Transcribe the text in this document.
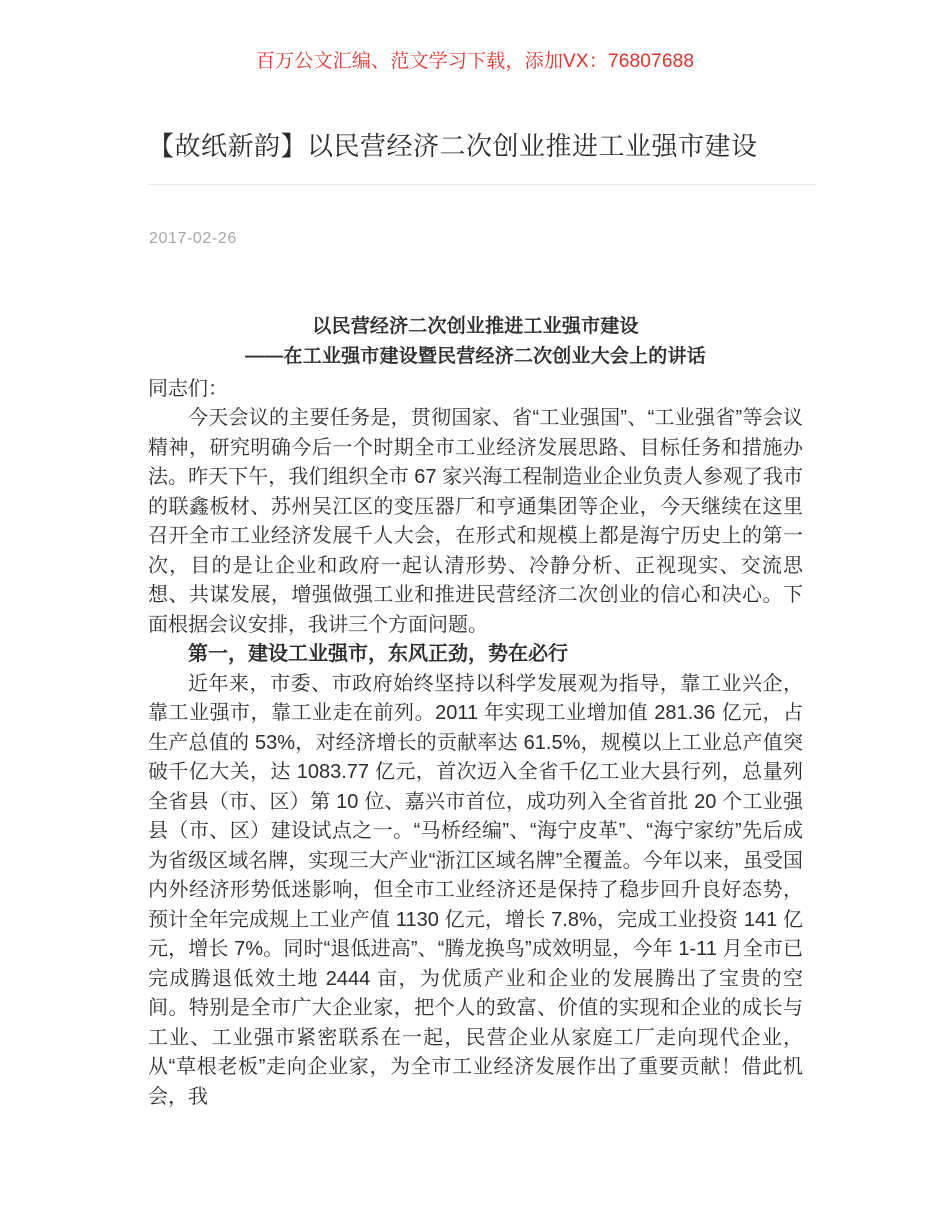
百万公文汇编、范文学习下载，添加VX：76807688
【故纸新韵】以民营经济二次创业推进工业强市建设
2017-02-26
以民营经济二次创业推进工业强市建设
——在工业强市建设暨民营经济二次创业大会上的讲话
同志们：

今天会议的主要任务是，贯彻国家、省“工业强国”、“工业强省”等会议精神，研究明确今后一个时期全市工业经济发展思路、目标任务和措施办法。昨天下午，我们组织全市 67 家兴海工程制造业企业负责人参观了我市的联鑫板材、苏州吴江区的变压器厂和亨通集团等企业，今天继续在这里召开全市工业经济发展千人大会，在形式和规模上都是海宁历史上的第一次，目的是让企业和政府一起认清形势、冷静分析、正视现实、交流思想、共谋发展，增强做强工业和推进民营经济二次创业的信心和决心。下面根据会议安排，我讲三个方面问题。

第一，建设工业强市，东风正劲，势在必行

近年来，市委、市政府始终坚持以科学发展观为指导，靠工业兴企，靠工业强市，靠工业走在前列。2011 年实现工业增加值 281.36 亿元，占生产总值的 53%，对经济增长的贡献率达 61.5%，规模以上工业总产值突破千亿大关，达 1083.77 亿元，首次迈入全省千亿工业大县行列，总量列全省县（市、区）第 10 位、嘉兴市首位，成功列入全省首批 20 个工业强县（市、区）建设试点之一。“马桥经编”、“海宁皮革”、“海宁家纺”先后成为省级区域名牌，实现三大产业“浙江区域名牌”全覆盖。今年以来，虽受国内外经济形势低迷影响，但全市工业经济还是保持了稳步回升良好态势，预计全年完成规上工业产值 1130 亿元，增长 7.8%，完成工业投资 141 亿元，增长 7%。同时“退低进高”、“腾龙换鸟”成效明显，今年 1-11 月全市已完成腾退低效土地 2444 亩，为优质产业和企业的发展腾出了宝贵的空间。特别是全市广大企业家，把个人的致富、价值的实现和企业的成长与工业、工业强市紧密联系在一起，民营企业从家庭工厂走向现代企业，从“草根老板”走向企业家，为全市工业经济发展作出了重要贡献！借此机会，我
